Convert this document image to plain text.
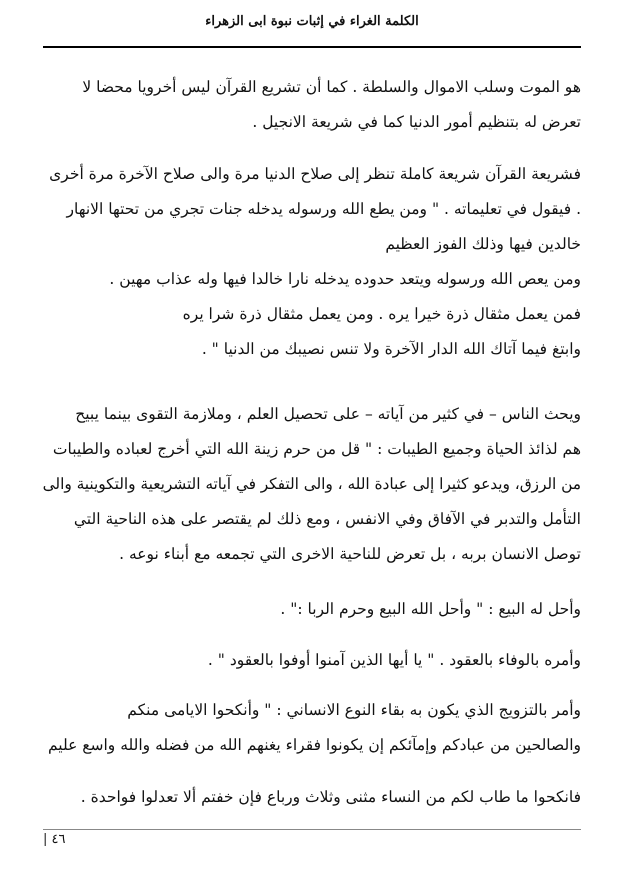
الكلمة الغراء في إثبات نبوة ابى الزهراء
هو الموت وسلب الاموال والسلطة . كما أن تشريع القرآن ليس أخرويا محضا لا
تعرض له بتنظيم أمور الدنيا كما في شريعة الانجيل .
فشريعة القرآن شريعة كاملة تنظر إلى صلاح الدنيا مرة والى صلاح الآخرة مرة أخرى
. فيقول في تعليماته . " ومن يطع الله ورسوله يدخله جنات تجري من تحتها الانهار
خالدين فيها وذلك الفوز العظيم
ومن يعص الله ورسوله ويتعد حدوده يدخله نارا خالدا فيها وله عذاب مهين .
فمن يعمل مثقال ذرة خيرا يره . ومن يعمل مثقال ذرة شرا يره
وابتغ فيما آتاك الله الدار الآخرة ولا تنس نصيبك من الدنيا " .
ويحث الناس – في كثير من آياته – على تحصيل العلم ، وملازمة التقوى بينما يبيح
هم لذائذ الحياة وجميع الطيبات : " قل من حرم زينة الله التي أخرج لعباده والطيبات
من الرزق، ويدعو كثيرا إلى عبادة الله ، والى التفكر في آياته التشريعية والتكوينية والى
التأمل والتدبر في الآفاق وفي الانفس ، ومع ذلك لم يقتصر على هذه الناحية التي
توصل الانسان بربه ، بل تعرض للناحية الاخرى التي تجمعه مع أبناء نوعه .
وأحل له البيع : " وأحل الله البيع وحرم الربا :" .
وأمره بالوفاء بالعقود . " يا أيها الذين آمنوا أوفوا بالعقود " .
وأمر بالتزويج الذي يكون به بقاء النوع الانساني : " وأنكحوا الايامى منكم
والصالحين من عبادكم وإمآئكم إن يكونوا فقراء يغنهم الله من فضله والله واسع عليم
فانكحوا ما طاب لكم من النساء مثنى وثلاث ورباع فإن خفتم ألا تعدلوا فواحدة .
٤٦ |
